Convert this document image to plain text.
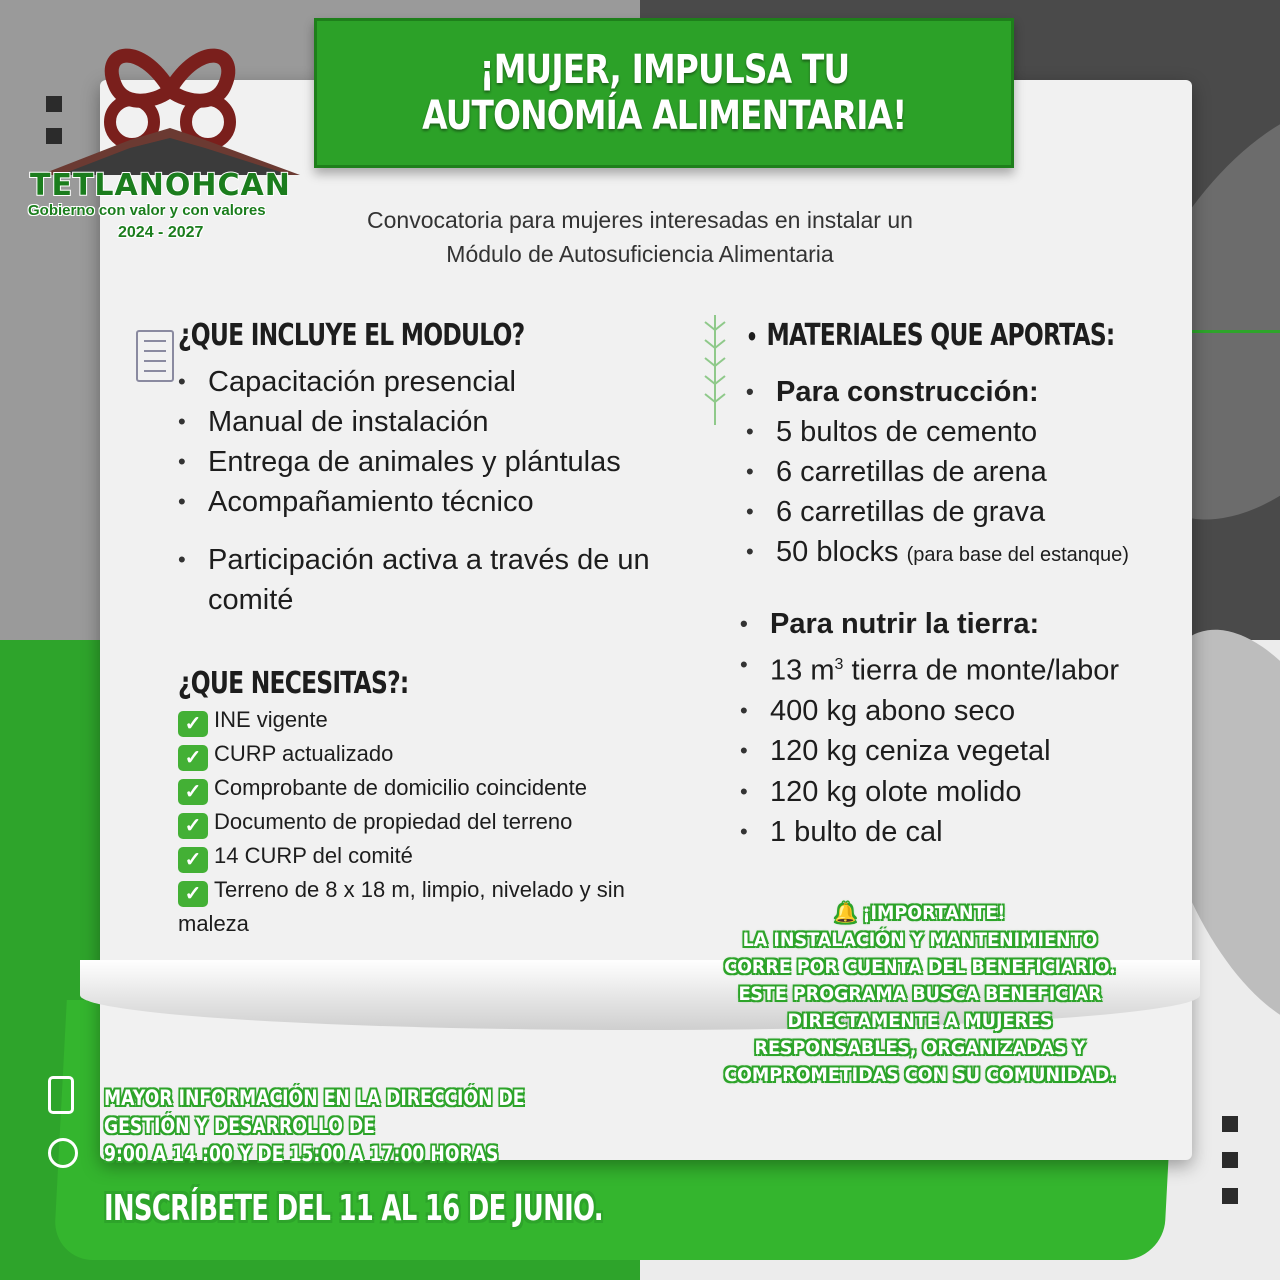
TETLANOHCAN
Gobierno con valor y con valores
2024 - 2027
¡MUJER, IMPULSA TU
AUTONOMÍA ALIMENTARIA!
Convocatoria para mujeres interesadas en instalar un
Módulo de Autosuficiencia Alimentaria
¿QUE INCLUYE EL MODULO?
• Capacitación presencial
• Manual de instalación
• Entrega de animales y plántulas
• Acompañamiento técnico
• Participación activa a través de un comité
¿QUE NECESITAS?:
✓ INE vigente
✓ CURP actualizado
✓ Comprobante de domicilio coincidente
✓ Documento de propiedad del terreno
✓ 14 CURP del comité
✓ Terreno de 8 x 18 m, limpio, nivelado y sin maleza
• MATERIALES QUE APORTAS:
• Para construcción:
• 5 bultos de cemento
• 6 carretillas de arena
• 6 carretillas de grava
• 50 blocks (para base del estanque)
• Para nutrir la tierra:
• 13 $m^3$ tierra de monte/labor
• 400 kg abono seco
• 120 kg ceniza vegetal
• 120 kg olote molido
• 1 bulto de cal
🔔 ¡IMPORTANTE!
LA INSTALACIÓN Y MANTENIMIENTO CORRE POR CUENTA DEL BENEFICIARIO.
ESTE PROGRAMA BUSCA BENEFICIAR DIRECTAMENTE A MUJERES RESPONSABLES, ORGANIZADAS Y COMPROMETIDAS CON SU COMUNIDAD.
MAYOR INFORMACIÓN EN LA DIRECCIÓN DE
GESTIÓN Y DESARROLLO DE
9:00 A 14 :00 Y DE 15:00 A 17:00 HORAS
INSCRÍBETE DEL 11 AL 16 DE JUNIO.
